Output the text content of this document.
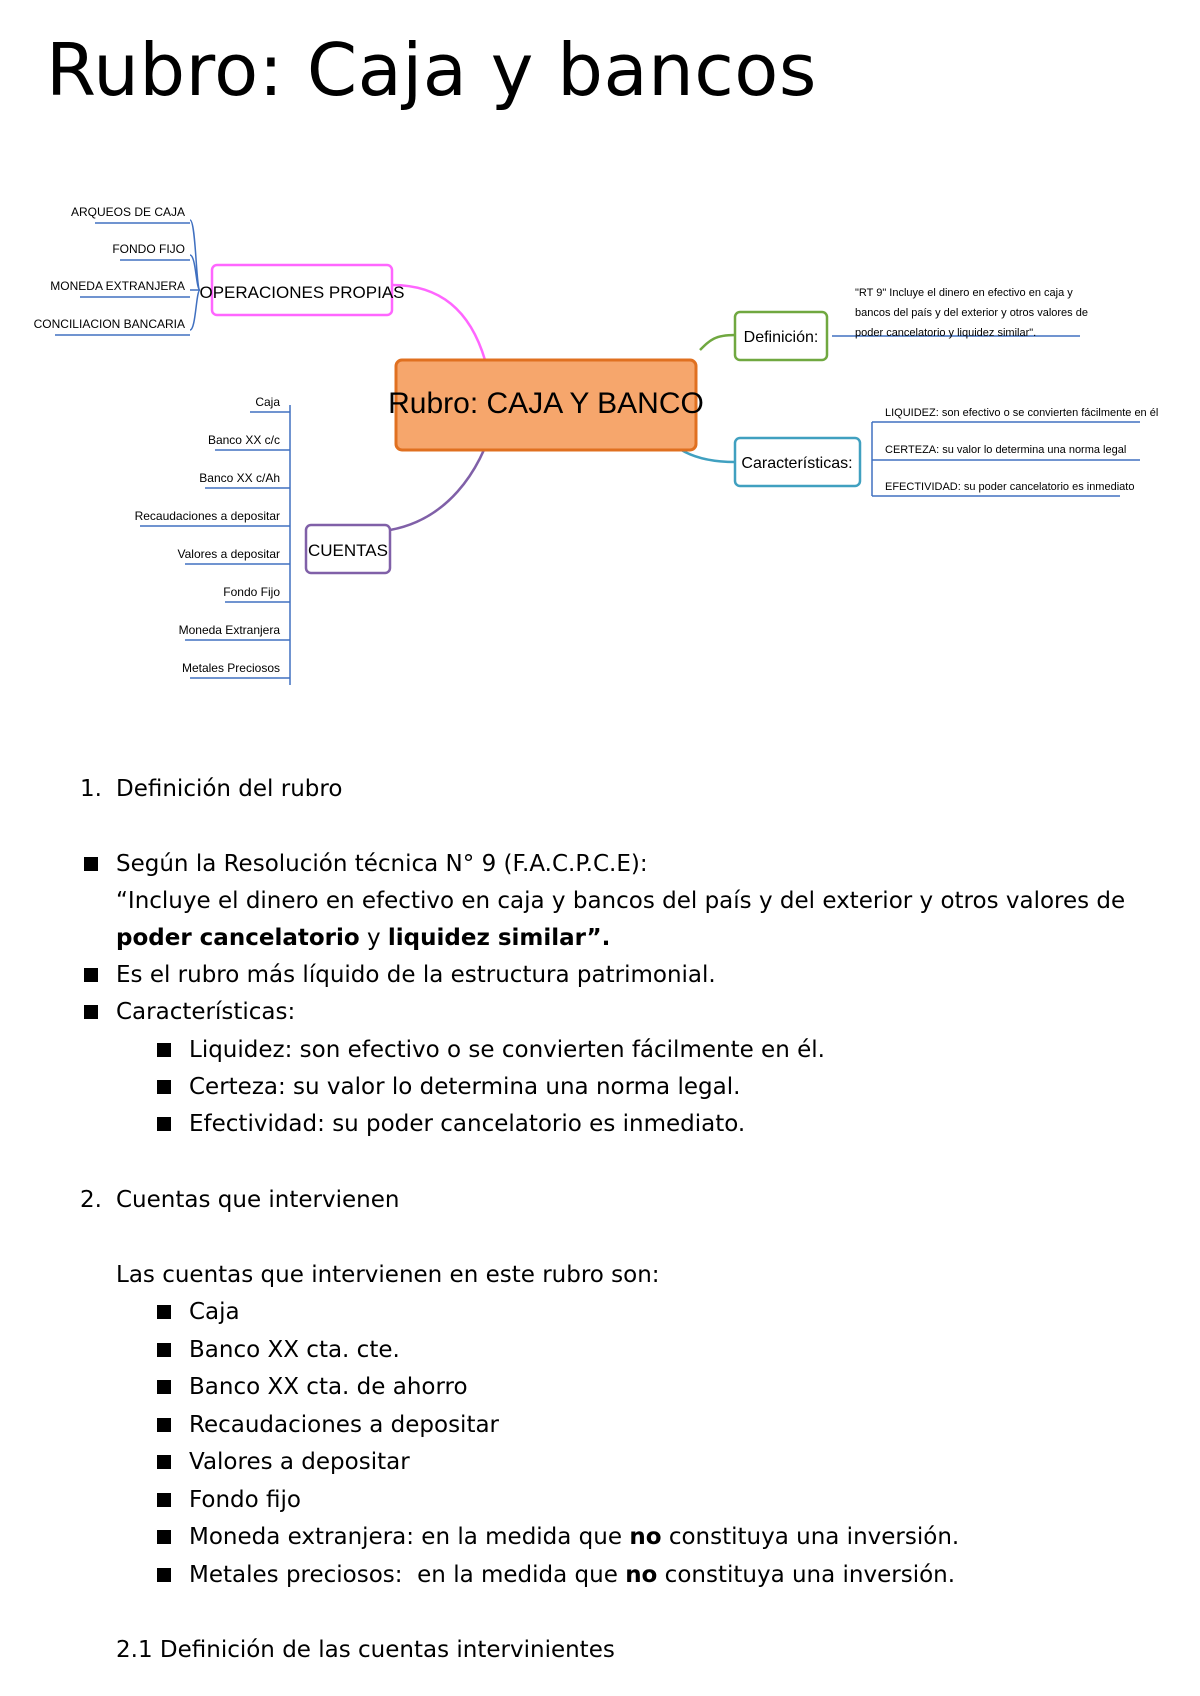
Rubro: Caja y bancos
Rubro: CAJA Y BANCO
OPERACIONES PROPIAS
ARQUEOS DE CAJA
FONDO FIJO
MONEDA EXTRANJERA
CONCILIACION BANCARIA
CUENTAS
Caja
Banco XX c/c
Banco XX c/Ah
Recaudaciones a depositar
Valores a depositar
Fondo Fijo
Moneda Extranjera
Metales Preciosos
Definición:
"RT 9" Incluye el dinero en efectivo en caja y
bancos del país y del exterior y otros valores de
poder cancelatorio y liquidez similar".
Características:
LIQUIDEZ: son efectivo o se convierten fácilmente en él
CERTEZA: su valor lo determina una norma legal
EFECTIVIDAD: su poder cancelatorio es inmediato
1. Definición del rubro
Según la Resolución técnica N° 9 (F.A.C.P.C.E):
“Incluye el dinero en efectivo en caja y bancos del país y del exterior y otros valores de
poder cancelatorio y liquidez similar”.
Es el rubro más líquido de la estructura patrimonial.
Características:
Liquidez: son efectivo o se convierten fácilmente en él.
Certeza: su valor lo determina una norma legal.
Efectividad: su poder cancelatorio es inmediato.
2. Cuentas que intervienen
Las cuentas que intervienen en este rubro son:
Caja
Banco XX cta. cte.
Banco XX cta. de ahorro
Recaudaciones a depositar
Valores a depositar
Fondo fijo
Moneda extranjera: en la medida que no constituya una inversión.
Metales preciosos:  en la medida que no constituya una inversión.
2.1 Definición de las cuentas intervinientes
